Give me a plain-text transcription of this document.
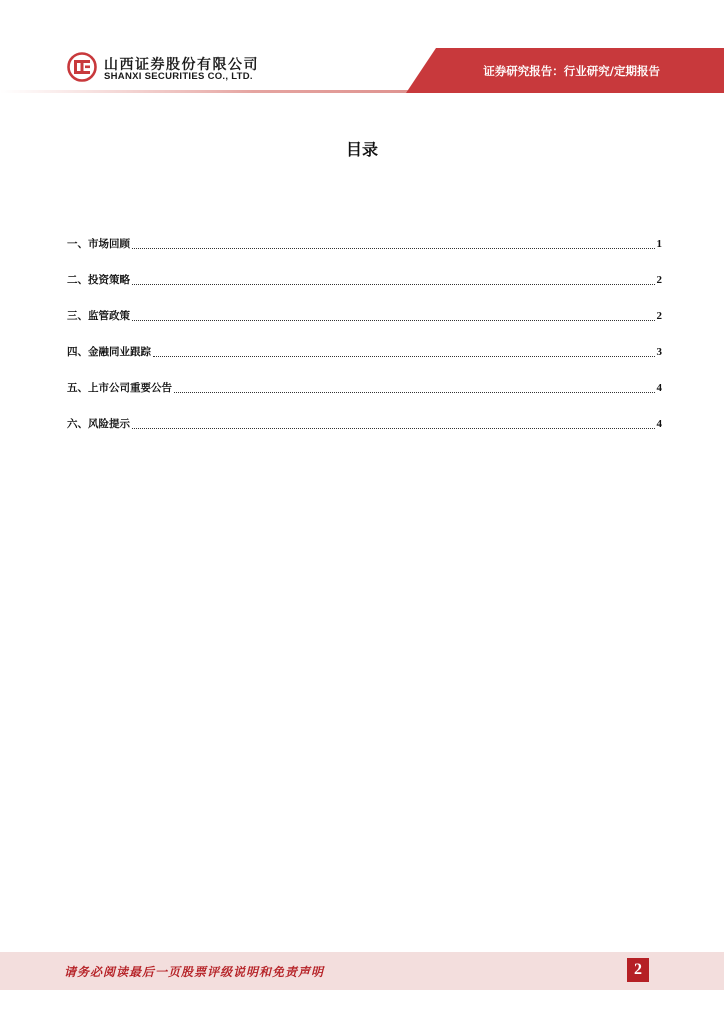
山西证券股份有限公司
SHANXI SECURITIES CO., LTD.	证券研究报告：行业研究/定期报告
目录
一、市场回顾	1
二、投资策略	2
三、监管政策	2
四、金融同业跟踪	3
五、上市公司重要公告	4
六、风险提示	4
请务必阅读最后一页股票评级说明和免责声明	2
